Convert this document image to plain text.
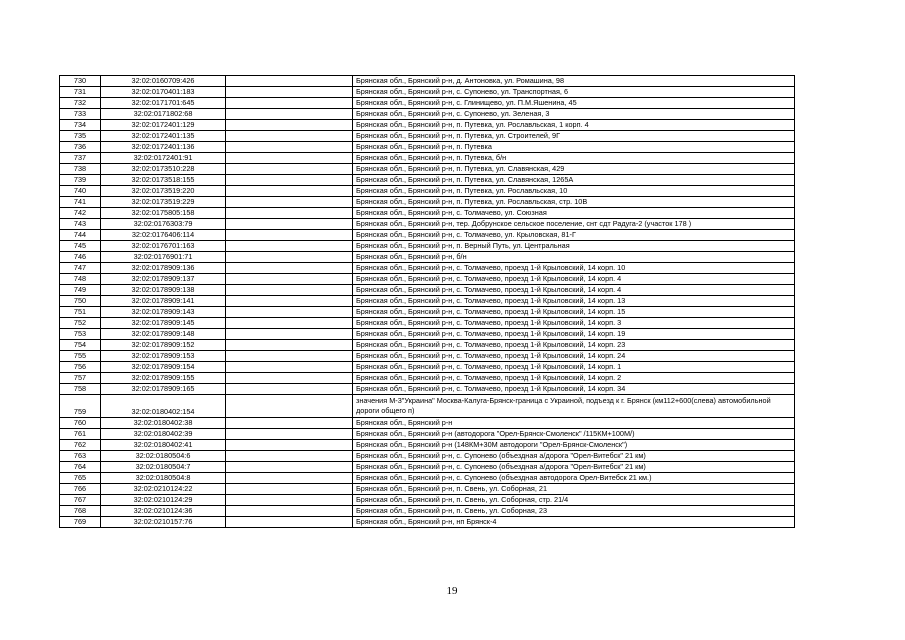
730	32:02:0160709:426		Брянская обл., Брянский р-н, д. Антоновка, ул. Ромашина, 98
731	32:02:0170401:183		Брянская обл., Брянский р-н, с. Супонево, ул. Транспортная, 6
732	32:02:0171701:645		Брянская обл., Брянский р-н, с. Глинищево, ул. П.М.Яшенина, 45
733	32:02:0171802:68		Брянская обл., Брянский р-н, с. Супонево, ул. Зеленая, 3
734	32:02:0172401:129		Брянская обл., Брянский р-н, п. Путевка, ул. Рославльская, 1 корп. 4
735	32:02:0172401:135		Брянская обл., Брянский р-н, п. Путевка, ул. Строителей, 9Г
736	32:02:0172401:136		Брянская обл., Брянский р-н, п. Путевка
737	32:02:0172401:91		Брянская обл., Брянский р-н, п. Путевка, б/н
738	32:02:0173510:228		Брянская обл., Брянский р-н, п. Путевка, ул. Славянская, 429
739	32:02:0173518:155		Брянская обл., Брянский р-н, п. Путевка, ул. Славянская, 1265А
740	32:02:0173519:220		Брянская обл., Брянский р-н, п. Путевка, ул. Рославльская, 10
741	32:02:0173519:229		Брянская обл., Брянский р-н, п. Путевка, ул. Рославльская, стр. 10В
742	32:02:0175805:158		Брянская обл., Брянский р-н, с. Толмачево, ул. Союзная
743	32:02:0176303:79		Брянская обл., Брянский р-н, тер. Добрунское сельское поселение, снт сдт Радуга-2 (участок 178 )
744	32:02:0176406:114		Брянская обл., Брянский р-н, с. Толмачево, ул. Крыловская, 81-Г
745	32:02:0176701:163		Брянская обл., Брянский р-н, п. Верный Путь, ул. Центральная
746	32:02:0176901:71		Брянская обл., Брянский р-н, б/н
747	32:02:0178909:136		Брянская обл., Брянский р-н, с. Толмачево, проезд 1-й Крыловский, 14 корп. 10
748	32:02:0178909:137		Брянская обл., Брянский р-н, с. Толмачево, проезд 1-й Крыловский, 14 корп. 4
749	32:02:0178909:138		Брянская обл., Брянский р-н, с. Толмачево, проезд 1-й Крыловский, 14 корп. 4
750	32:02:0178909:141		Брянская обл., Брянский р-н, с. Толмачево, проезд 1-й Крыловский, 14 корп. 13
751	32:02:0178909:143		Брянская обл., Брянский р-н, с. Толмачево, проезд 1-й Крыловский, 14 корп. 15
752	32:02:0178909:145		Брянская обл., Брянский р-н, с. Толмачево, проезд 1-й Крыловский, 14 корп. 3
753	32:02:0178909:148		Брянская обл., Брянский р-н, с. Толмачево, проезд 1-й Крыловский, 14 корп. 19
754	32:02:0178909:152		Брянская обл., Брянский р-н, с. Толмачево, проезд 1-й Крыловский, 14 корп. 23
755	32:02:0178909:153		Брянская обл., Брянский р-н, с. Толмачево, проезд 1-й Крыловский, 14 корп. 24
756	32:02:0178909:154		Брянская обл., Брянский р-н, с. Толмачево, проезд 1-й Крыловский, 14 корп. 1
757	32:02:0178909:155		Брянская обл., Брянский р-н, с. Толмачево, проезд 1-й Крыловский, 14 корп. 2
758	32:02:0178909:165		Брянская обл., Брянский р-н, с. Толмачево, проезд 1-й Крыловский, 14 корп. 34
759	32:02:0180402:154		значения М-3"Украина" Москва-Калуга-Брянск-граница с Украиной, подъезд к г. Брянск (км112+600(слева) автомобильной дороги общего п)
760	32:02:0180402:38		Брянская обл., Брянский р-н
761	32:02:0180402:39		Брянская обл., Брянский р-н (автодорога "Орел-Брянск-Смоленск" /115КМ+100М/)
762	32:02:0180402:41		Брянская обл., Брянский р-н (148КМ+30М автодороги "Орел-Брянск-Смоленск")
763	32:02:0180504:6		Брянская обл., Брянский р-н, с. Супонево (объездная а/дорога "Орел-Витебск" 21 км)
764	32:02:0180504:7		Брянская обл., Брянский р-н, с. Супонево (объездная а/дорога "Орел-Витебск" 21 км)
765	32:02:0180504:8		Брянская обл., Брянский р-н, с. Супонево (объездная автодорога Орел-Витебск 21 км.)
766	32:02:0210124:22		Брянская обл., Брянский р-н, п. Свень, ул. Соборная, 21
767	32:02:0210124:29		Брянская обл., Брянский р-н, п. Свень, ул. Соборная, стр. 21/4
768	32:02:0210124:36		Брянская обл., Брянский р-н, п. Свень, ул. Соборная, 23
769	32:02:0210157:76		Брянская обл., Брянский р-н, нп Брянск-4
19
